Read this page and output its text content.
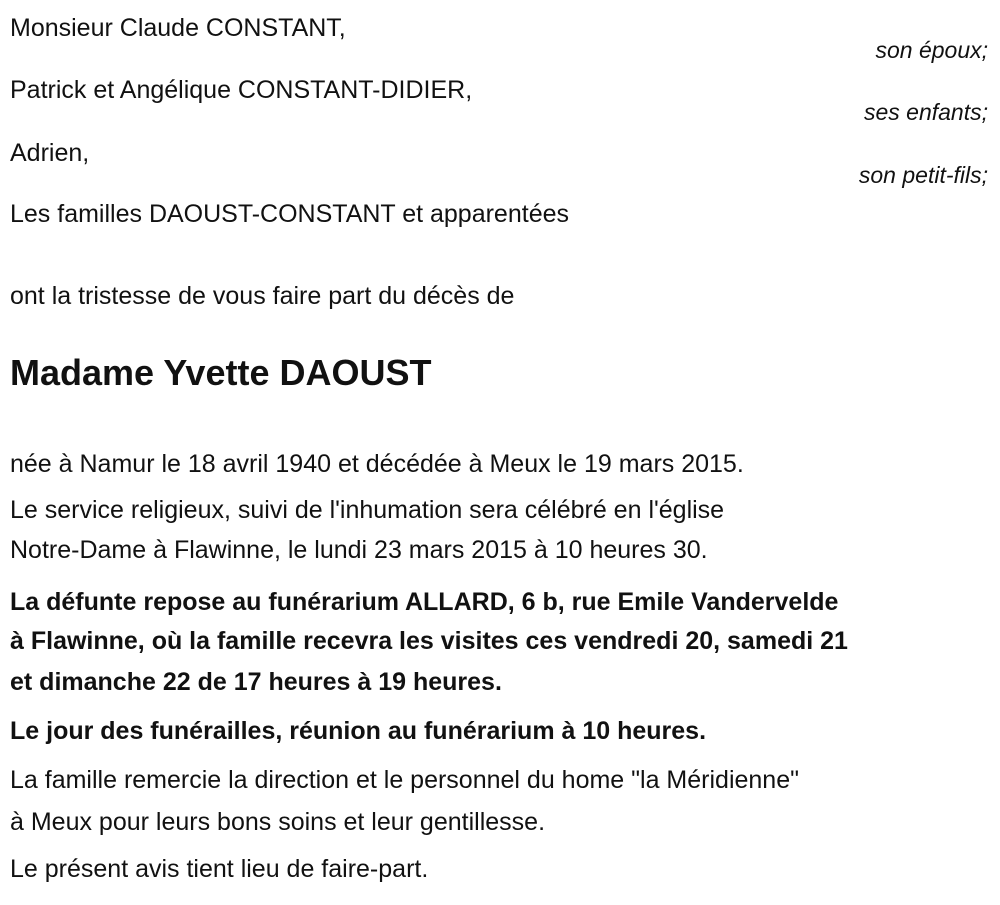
Monsieur Claude CONSTANT,
son époux;
Patrick et Angélique CONSTANT-DIDIER,
ses enfants;
Adrien,
son petit-fils;
Les familles DAOUST-CONSTANT et apparentées
ont la tristesse de vous faire part du décès de
Madame Yvette DAOUST
née à Namur le 18 avril 1940 et décédée à Meux le 19 mars 2015.
Le service religieux, suivi de l'inhumation sera célébré en l'église
Notre-Dame à Flawinne, le lundi 23 mars 2015 à 10 heures 30.
La défunte repose au funérarium ALLARD, 6 b, rue Emile Vandervelde
à Flawinne, où la famille recevra les visites ces vendredi 20, samedi 21
et dimanche 22 de 17 heures à 19 heures.
Le jour des funérailles, réunion au funérarium à 10 heures.
La famille remercie la direction et le personnel du home "la Méridienne"
à Meux pour leurs bons soins et leur gentillesse.
Le présent avis tient lieu de faire-part.
